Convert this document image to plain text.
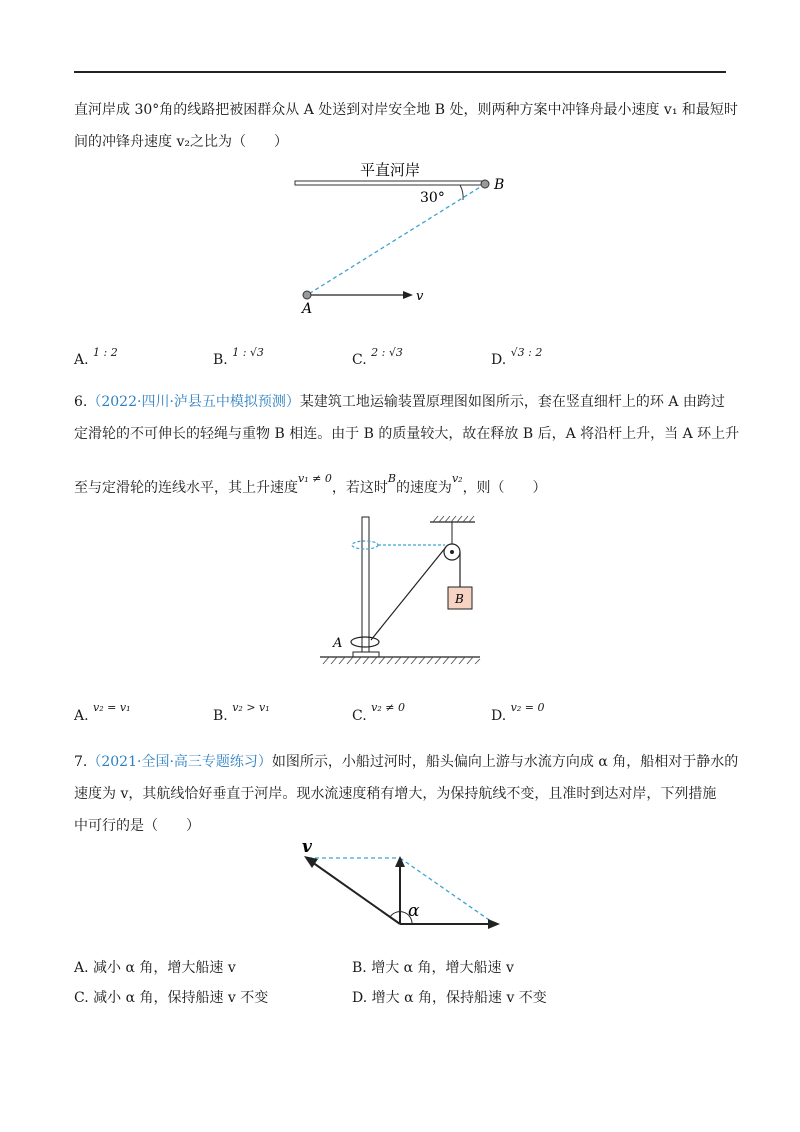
直河岸成 30°角的线路把被困群众从 A 处送到对岸安全地 B 处，则两种方案中冲锋舟最小速度 v₁ 和最短时
间的冲锋舟速度 v₂之比为（　　）
平直河岸
30°
B
v
A
A. $^{1 : 2}$	B. $^{1 : √3}$	C. $^{2 : √3}$	D. $^{√3 : 2}$
6.（2022·四川·泸县五中模拟预测）某建筑工地运输装置原理图如图所示，套在竖直细杆上的环 A 由跨过
定滑轮的不可伸长的轻绳与重物 B 相连。由于 B 的质量较大，故在释放 B 后，A 将沿杆上升，当 A 环上升
至与定滑轮的连线水平，其上升速度$^{v_1 \ne 0}$，若这时$^B$的速度为$^{v_2}$，则（　　）
B
A
A. $^{v_2 = v_1}$
B. $^{v_2 > v_1}$
C. $^{v_2 \ne 0}$
D. $^{v_2 = 0}$
7.（2021·全国·高三专题练习）如图所示，小船过河时，船头偏向上游与水流方向成 α 角，船相对于静水的
速度为 v，其航线恰好垂直于河岸。现水流速度稍有增大，为保持航线不变，且准时到达对岸，下列措施
中可行的是（　　）
v
α
A. 减小 α 角，增大船速 v	B. 增大 α 角，增大船速 v
C. 减小 α 角，保持船速 v 不变	D. 增大 α 角，保持船速 v 不变
